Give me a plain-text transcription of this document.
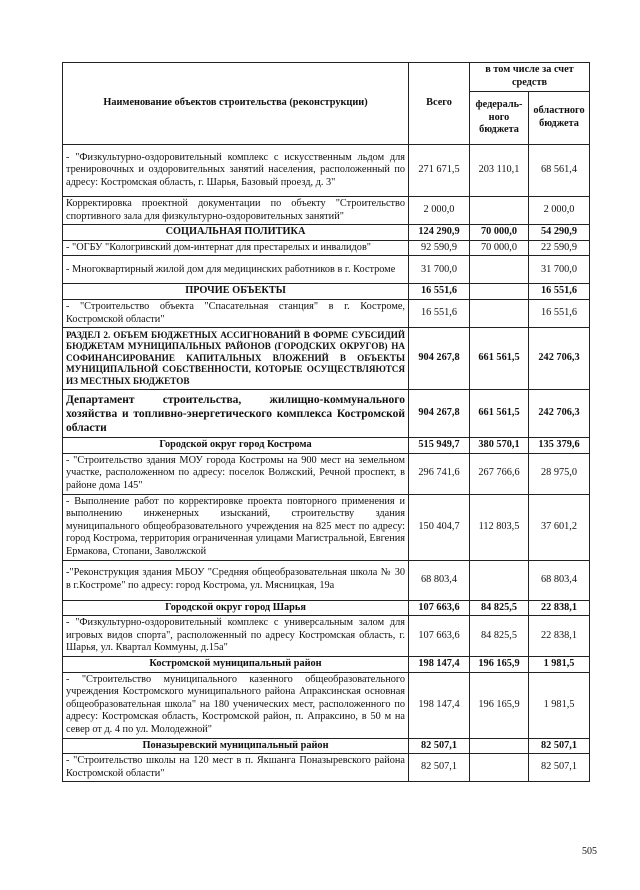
Наименование объектов строительства (реконструкции)	Всего	в том числе за счет средств	
		федераль-ного бюджета	областного бюджета
- "Физкультурно-оздоровительный комплекс с искусственным льдом для тренировочных и оздоровительных занятий населения, расположенный по адресу: Костромская область, г. Шарья, Базовый проезд, д. 3"	271 671,5	203 110,1	68 561,4
Корректировка проектной документации по объекту "Строительство спортивного зала для физкультурно-оздоровительных занятий"	2 000,0		2 000,0
СОЦИАЛЬНАЯ ПОЛИТИКА	124 290,9	70 000,0	54 290,9
- "ОГБУ "Кологривский дом-интернат для престарелых и инвалидов"	92 590,9	70 000,0	22 590,9
- Многоквартирный жилой дом для медицинских работников в г. Костроме	31 700,0		31 700,0
ПРОЧИЕ ОБЪЕКТЫ	16 551,6		16 551,6
- "Строительство объекта "Спасательная станция" в г. Костроме, Костромской области"	16 551,6		16 551,6
РАЗДЕЛ 2. ОБЪЕМ БЮДЖЕТНЫХ АССИГНОВАНИЙ В ФОРМЕ СУБСИДИЙ БЮДЖЕТАМ МУНИЦИПАЛЬНЫХ РАЙОНОВ (ГОРОДСКИХ ОКРУГОВ) НА СОФИНАНСИРОВАНИЕ КАПИТАЛЬНЫХ ВЛОЖЕНИЙ В ОБЪЕКТЫ МУНИЦИПАЛЬНОЙ СОБСТВЕННОСТИ, КОТОРЫЕ ОСУЩЕСТВЛЯЮТСЯ ИЗ МЕСТНЫХ БЮДЖЕТОВ	904 267,8	661 561,5	242 706,3
Департамент строительства, жилищно-коммунального хозяйства и топливно-энергетического комплекса Костромской области	904 267,8	661 561,5	242 706,3
Городской округ город Кострома	515 949,7	380 570,1	135 379,6
- "Строительство здания МОУ города Костромы на 900 мест на земельном участке, расположенном по адресу: поселок Волжский, Речной проспект, в районе дома 145"	296 741,6	267 766,6	28 975,0
- Выполнение работ по корректировке проекта повторного применения и выполнению инженерных изысканий, строительству здания муниципального общеобразовательного учреждения на 825 мест по адресу: город Кострома, территория ограниченная улицами Магистральной, Евгения Ермакова, Стопани, Заволжской	150 404,7	112 803,5	37 601,2
-"Реконструкция здания МБОУ "Средняя общеобразовательная школа № 30 в г.Костроме" по адресу: город Кострома, ул. Мясницкая, 19а	68 803,4		68 803,4
Городской округ город Шарья	107 663,6	84 825,5	22 838,1
- "Физкультурно-оздоровительный комплекс с универсальным залом для игровых видов спорта", расположенный по адресу Костромская область, г. Шарья, ул. Квартал Коммуны, д.15а"	107 663,6	84 825,5	22 838,1
Костромской муниципальный район	198 147,4	196 165,9	1 981,5
- "Строительство муниципального казенного общеобразовательного учреждения Костромского муниципального района Апраксинская основная общеобразовательная школа" на 180 ученических мест, расположенного по адресу: Костромская область, Костромской район, п. Апраксино, в 50 м на север от д. 4 по ул. Молодежной"	198 147,4	196 165,9	1 981,5
Поназыревский муниципальный район	82 507,1		82 507,1
- "Строительство школы на 120 мест в п. Якшанга Поназыревского района Костромской области"	82 507,1		82 507,1
505
